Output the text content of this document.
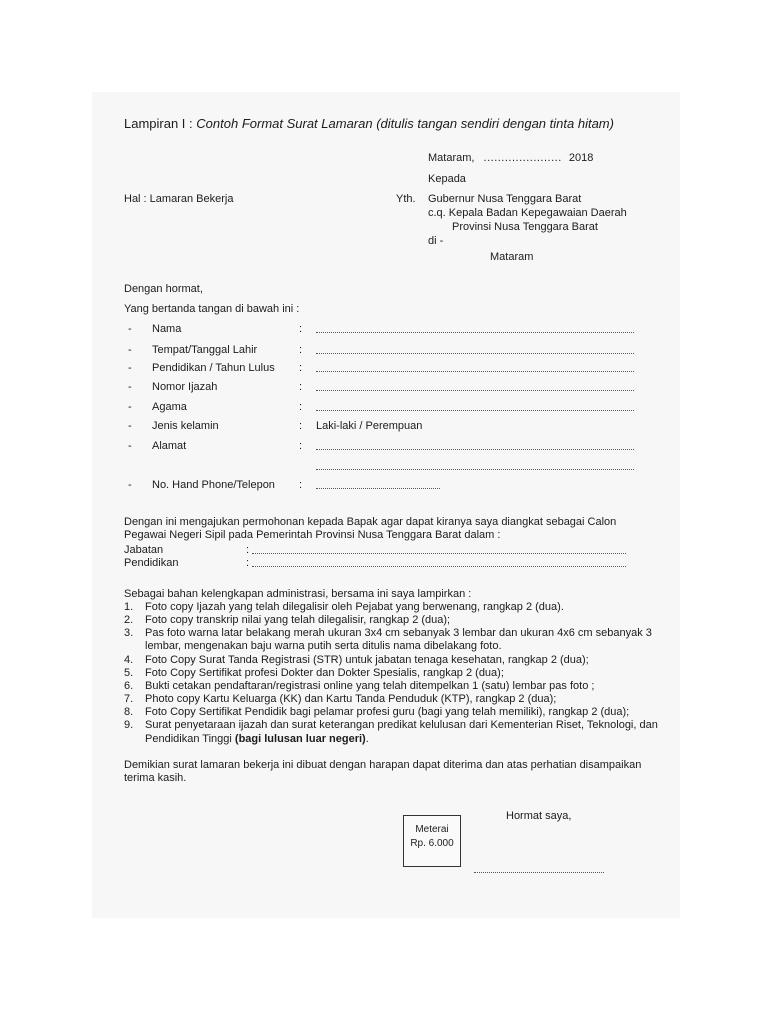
Lampiran I : Contoh Format Surat Lamaran (ditulis tangan sendiri dengan tinta hitam)
Mataram, ...................... 2018
Kepada
Hal : Lamaran Bekerja	Yth. Gubernur Nusa Tenggara Barat
c.q. Kepala Badan Kepegawaian Daerah
Provinsi Nusa Tenggara Barat
di -
Mataram
Dengan hormat,
Yang bertanda tangan di bawah ini :
- Nama	:
- Tempat/Tanggal Lahir	:
- Pendidikan / Tahun Lulus :
- Nomor Ijazah	:
- Agama	:
- Jenis kelamin	: Laki-laki / Perempuan
- Alamat	:
- No. Hand Phone/Telepon :
Dengan ini mengajukan permohonan kepada Bapak agar dapat kiranya saya diangkat sebagai Calon
Pegawai Negeri Sipil pada Pemerintah Provinsi Nusa Tenggara Barat dalam :
Jabatan	:
Pendidikan	:
Sebagai bahan kelengkapan administrasi, bersama ini saya lampirkan :
1. Foto copy Ijazah yang telah dilegalisir oleh Pejabat yang berwenang, rangkap 2 (dua).
2. Foto copy transkrip nilai yang telah dilegalisir, rangkap 2 (dua);
3. Pas foto warna latar belakang merah ukuran 3x4 cm sebanyak 3 lembar dan ukuran 4x6 cm sebanyak 3
lembar, mengenakan baju warna putih serta ditulis nama dibelakang foto.
4. Foto Copy Surat Tanda Registrasi (STR) untuk jabatan tenaga kesehatan, rangkap 2 (dua);
5. Foto Copy Sertifikat profesi Dokter dan Dokter Spesialis, rangkap 2 (dua);
6. Bukti cetakan pendaftaran/registrasi online yang telah ditempelkan 1 (satu) lembar pas foto ;
7. Photo copy Kartu Keluarga (KK) dan Kartu Tanda Penduduk (KTP), rangkap 2 (dua);
8. Foto Copy Sertifikat Pendidik bagi pelamar profesi guru (bagi yang telah memiliki), rangkap 2 (dua);
9. Surat penyetaraan ijazah dan surat keterangan predikat kelulusan dari Kementerian Riset, Teknologi, dan
Pendidikan Tinggi (bagi lulusan luar negeri).
Demikian surat lamaran bekerja ini dibuat dengan harapan dapat diterima dan atas perhatian disampaikan
terima kasih.
Hormat saya,
Meterai
Rp. 6.000
